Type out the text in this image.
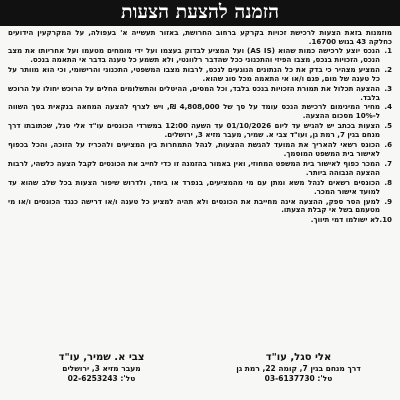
הזמנה להצעת הצעות

מוזמנות בזאת הצעות לרכישת זכויות בקרקע ברחוב החרושת, באזור תעשייה א' בעפולה, על המקרקעין הידועים כחלקה 43 בגוש 16700.

1.
הנכס יוצע לרכישה כמות שהוא (AS IS) ועל המציע לבדוק בעצמו ועל ידי מומחים מטעמו ועל אחריותו את מצב הנכס, הזכויות בנכס, מצבו הפיזי והתכנוני ככל שהדבר רלוונטי, ולא תשמע כל טענה בדבר אי התאמה בנכס.
2.
המציע מצהיר כי בדק את כל הנתונים הנוגעים לנכס, לרבות מצבו המשפטי, התכנוני והרישומי, וכי הוא מוותר על כל טענה של מום, פגם ו/או אי התאמה מכל סוג שהוא.
3.
ההצעה תכלול את תמורת הזכויות בנכס בלבד, וכל המסים, ההיטלים והתשלומים החלים על הרוכש יחולו על הרוכש בלבד.
4.
מחיר המינימום לרכישת הנכס עומד על סך של 4,808,000 ₪, ויש לצרף להצעה המחאה בנקאית בסך השווה ל-10% מסכום ההצעה.
5.
הצעות בכתב יש להגיש עד ליום 01/10/2026 עד השעה 12:00 במשרדי הכונסים עו"ד אלי סגל, שכתובתו דרך מנחם בגין 7, רמת גן, ועו"ד צבי א. שמיר, מעבר מזיא 3, ירושלים.
6.
הכונס רשאי להאריך את המועד להגשת ההצעות, לנהל התמחרות בין המציעים ולהכריז על הזוכה, והכל בכפוף לאישור בית המשפט המוסמך.
7.
המכר כפוף לאישור בית המשפט המחוזי, ואין באמור בהזמנה זו כדי לחייב את הכונסים לקבל הצעה כלשהי, לרבות ההצעה הגבוהה ביותר.
8.
הכונסים רשאים לנהל משא ומתן עם מי מהמציעים, בנפרד או ביחד, ולדרוש שיפור הצעות בכל שלב שהוא עד למועד אישור המכר.
9.
למען הסר ספק, ההצעה אינה מחייבת את הכונסים ולא תהיה למציע כל טענה ו/או דרישה כנגד הכונסים ו/או מי מטעמם בשל אי קבלת הצעתו.
10.
לא ישולמו דמי תיווך.
אלי סגל, עו"ד
דרך מנחם בגין 7, קומה 22, רמת גן
טל': 03-6137730
צבי א. שמיר, עו"ד
מעבר מזיא 3, ירושלים
טל': 02-6253243
